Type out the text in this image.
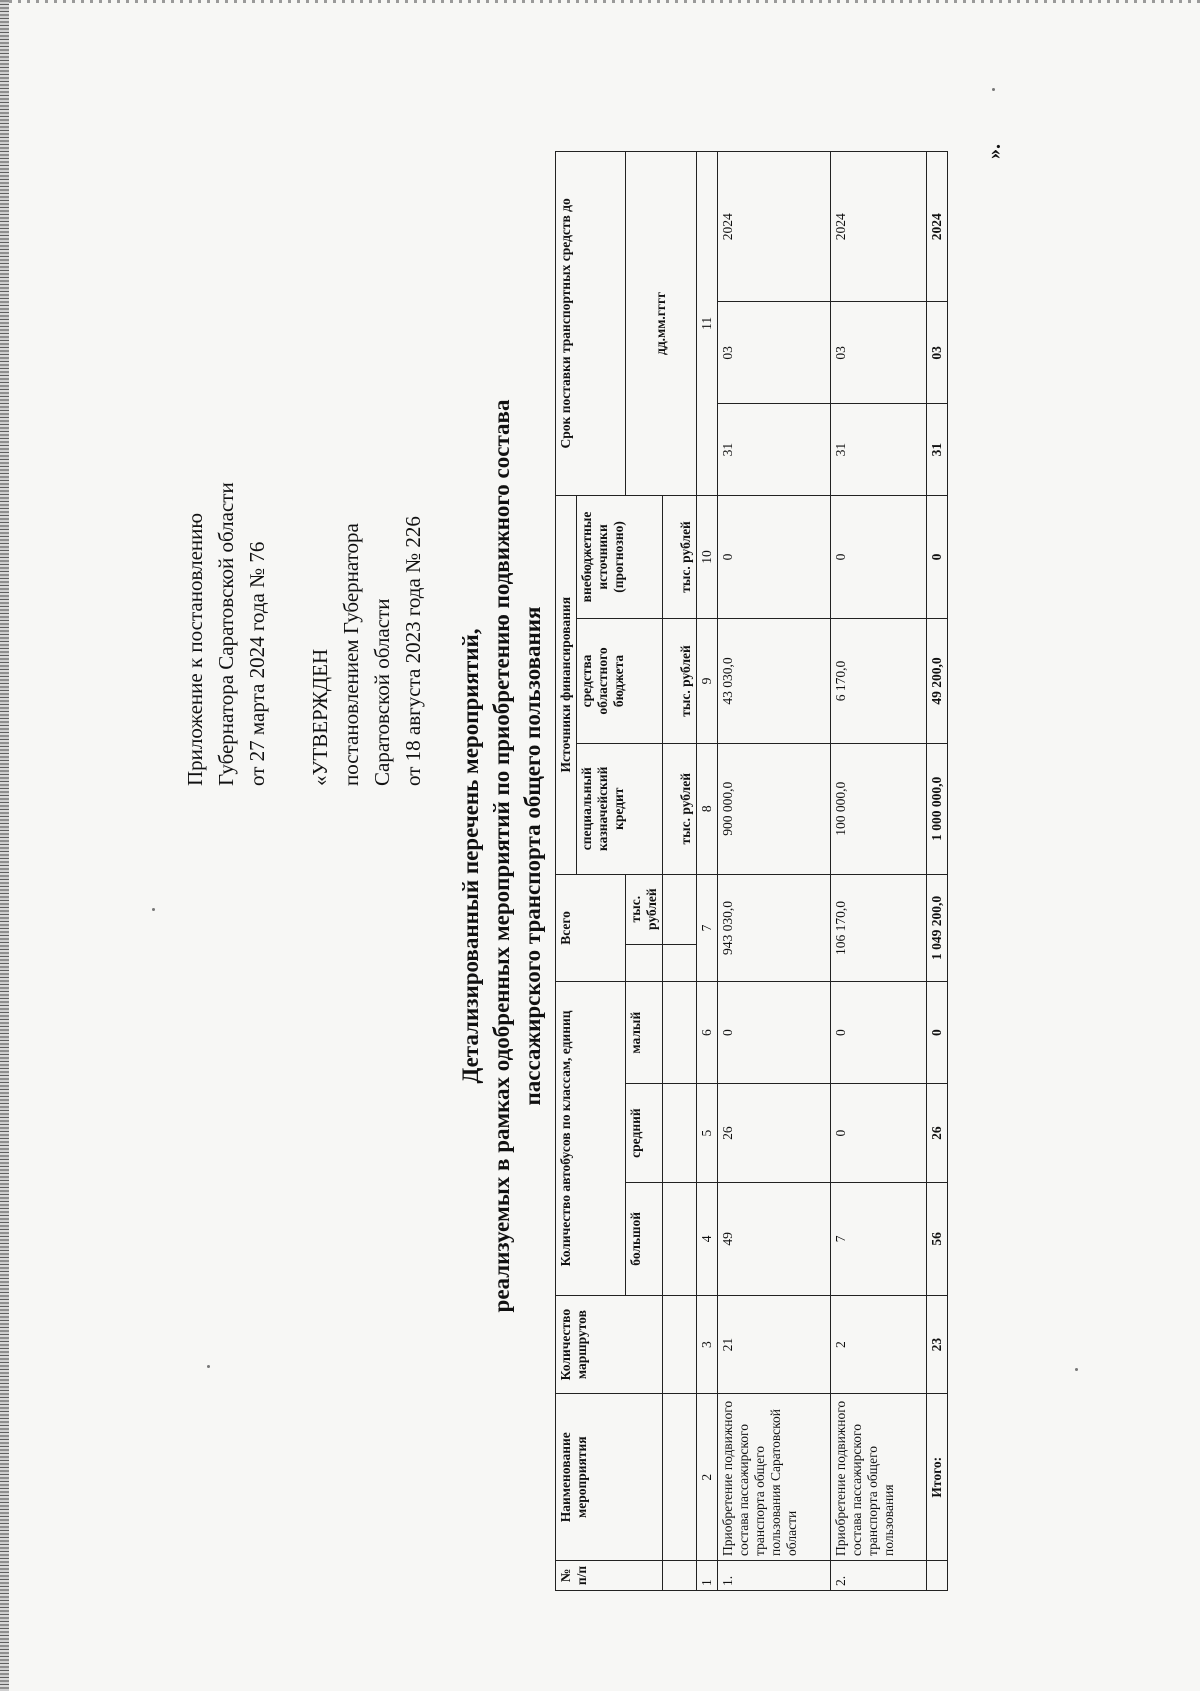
Приложение к постановлению Губернатора Саратовской области от 27 марта 2024 года № 76 «УТВЕРЖДЕН постановлением Губернатора Саратовской области от 18 августа 2023 года № 226 Детализированный перечень мероприятий, реализуемых в рамках одобренных мероприятий по приобретению подвижного состава пассажирского транспорта общего пользования

№ п/п	Наименование мероприятия	Количество маршрутов	Количество автобусов по классам, единиц			Всего		Источники финансирования			Срок поставки транспортных средств до		
								специальный казначейский кредит	средства областного бюджета	внебюджетные источники (прогнозно)			
			большой	средний	малый		тыс. рублей				дд.мм.гггг		
								тыс. рублей	тыс. рублей	тыс. рублей			
1	2	3	4	5	6	7		8	9	10	11		
1.	Приобретение подвижного состава пассажирского транспорта общего пользования Саратовской области	21	49	26	0	943 030,0		900 000,0	43 030,0	0	31	03	2024
2.	Приобретение подвижного состава пассажирского транспорта общего пользования	2	7	0	0	106 170,0		100 000,0	6 170,0	0	31	03	2024
	Итого:	23	56	26	0	1 049 200,0		1 000 000,0	49 200,0	0	31	03	2024
».
